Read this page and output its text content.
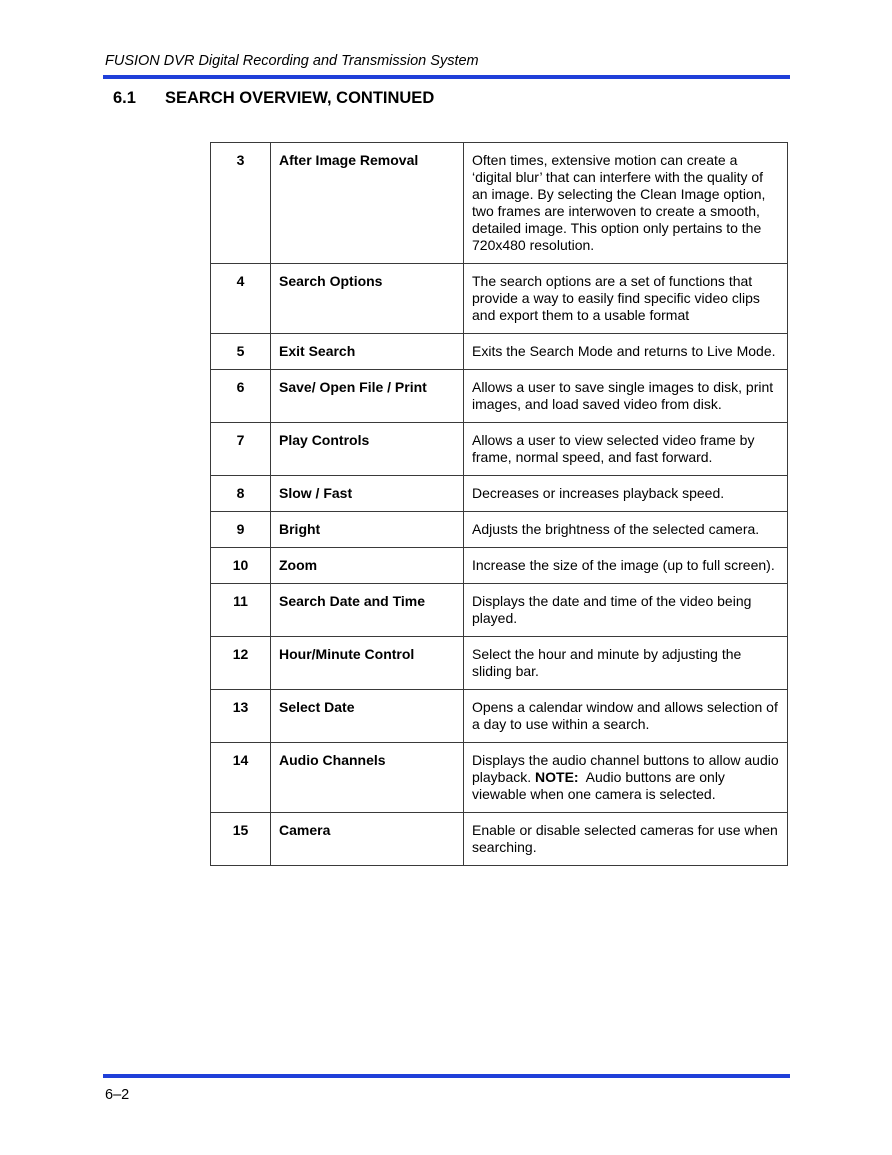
FUSION DVR Digital Recording and Transmission System
6.1 SEARCH OVERVIEW, CONTINUED
3	After Image Removal	Often times, extensive motion can create a ‘digital blur’ that can interfere with the quality of an image. By selecting the Clean Image option, two frames are interwoven to create a smooth, detailed image. This option only pertains to the 720x480 resolution.
4	Search Options	The search options are a set of functions that provide a way to easily find specific video clips and export them to a usable format
5	Exit Search	Exits the Search Mode and returns to Live Mode.
6	Save/ Open File / Print	Allows a user to save single images to disk, print images, and load saved video from disk.
7	Play Controls	Allows a user to view selected video frame by frame, normal speed, and fast forward.
8	Slow / Fast	Decreases or increases playback speed.
9	Bright	Adjusts the brightness of the selected camera.
10	Zoom	Increase the size of the image (up to full screen).
11	Search Date and Time	Displays the date and time of the video being played.
12	Hour/Minute Control	Select the hour and minute by adjusting the sliding bar.
13	Select Date	Opens a calendar window and allows selection of a day to use within a search.
14	Audio Channels	Displays the audio channel buttons to allow audio playback. NOTE:  Audio buttons are only viewable when one camera is selected.
15	Camera	Enable or disable selected cameras for use when searching.
6–2
